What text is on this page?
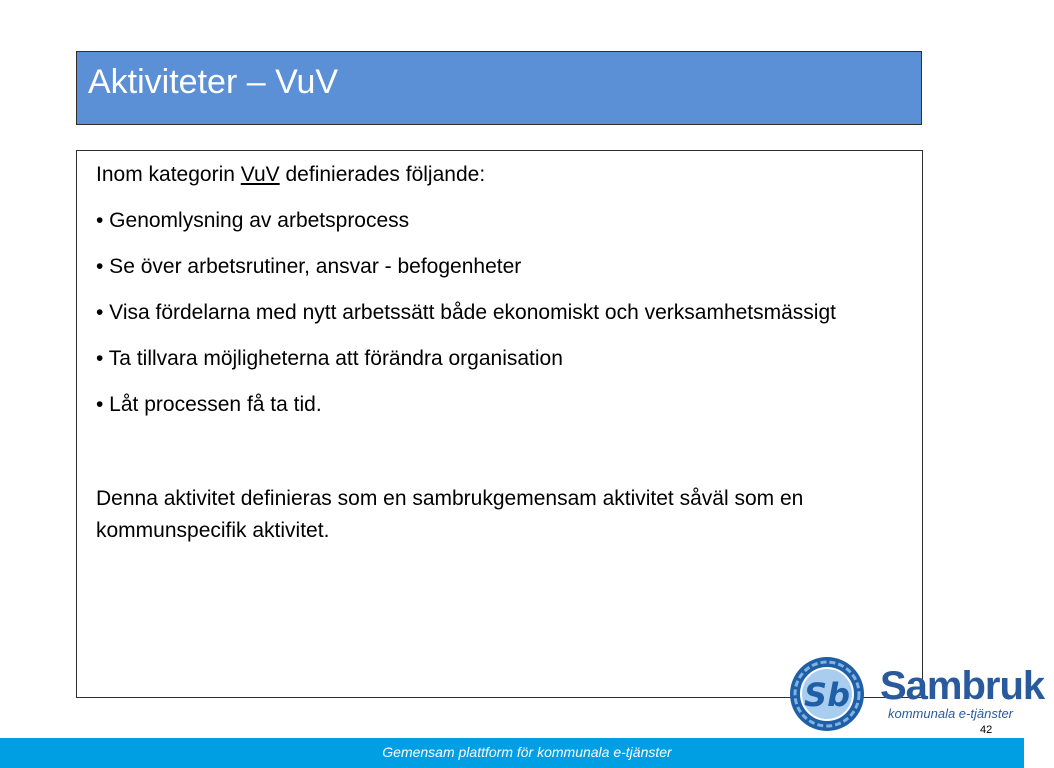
Aktiviteter – VuV

Inom kategorin VuV definierades följande:

• Genomlysning av arbetsprocess

• Se över arbetsrutiner, ansvar - befogenheter

• Visa fördelarna med nytt arbetssätt både ekonomiskt och verksamhetsmässigt

• Ta tillvara möjligheterna att förändra organisation

• Låt processen få ta tid.

Denna aktivitet definieras som en sambrukgemensam aktivitet såväl som en kommunspecifik aktivitet.

Sb Sambruk
kommunala e-tjänster
42
Gemensam plattform för kommunala e-tjänster
